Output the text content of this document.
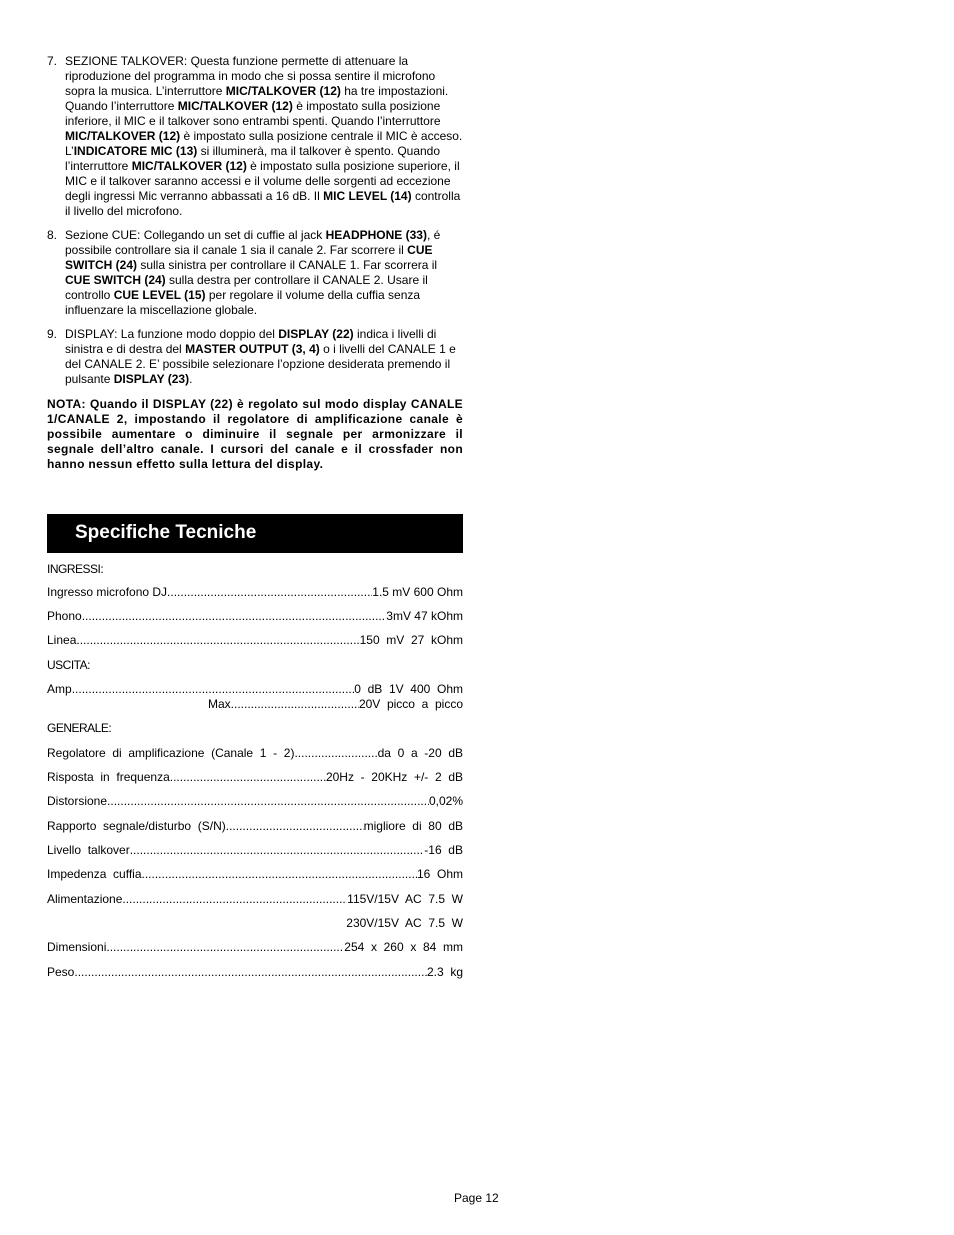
7. SEZIONE TALKOVER: Questa funzione permette di attenuare la riproduzione del programma in modo che si possa sentire il microfono sopra la musica. L’interruttore MIC/TALKOVER (12) ha tre impostazioni. Quando l’interruttore MIC/TALKOVER (12) è impostato sulla posizione inferiore, il MIC e il talkover sono entrambi spenti. Quando l’interruttore MIC/TALKOVER (12) è impostato sulla posizione centrale il MIC è acceso. L’INDICATORE MIC (13) si illuminerà, ma il talkover è spento. Quando l’interruttore MIC/TALKOVER (12) è impostato sulla posizione superiore, il MIC e il talkover saranno accessi e il volume delle sorgenti ad eccezione degli ingressi Mic verranno abbassati a 16 dB. Il MIC LEVEL (14) controlla il livello del microfono.
8. Sezione CUE: Collegando un set di cuffie al jack HEADPHONE (33), é possibile controllare sia il canale 1 sia il canale 2. Far scorrere il CUE SWITCH (24) sulla sinistra per controllare il CANALE 1. Far scorrera il CUE SWITCH (24) sulla destra per controllare il CANALE 2. Usare il controllo CUE LEVEL (15) per regolare il volume della cuffia senza influenzare la miscellazione globale.
9. DISPLAY: La funzione modo doppio del DISPLAY (22) indica i livelli di sinistra e di destra del MASTER OUTPUT (3, 4) o i livelli del CANALE 1 e del CANALE 2. E’ possibile selezionare l’opzione desiderata premendo il pulsante DISPLAY (23).
NOTA: Quando il DISPLAY (22) è regolato sul modo display CANALE 1/CANALE 2, impostando il regolatore di amplificazione canale è possibile aumentare o diminuire il segnale per armonizzare il segnale dell’altro canale. I cursori del canale e il crossfader non hanno nessun effetto sulla lettura del display.
Specifiche Tecniche
INGRESSI:
Ingresso microfono DJ .....	1.5 mV 600 Ohm
Phono .....	3mV 47 kOhm
Linea .....	150  mV  27  kOhm
USCITA:
Amp .....	0  dB  1V  400  Ohm
Max .....	20V  picco  a  picco
GENERALE:
Regolatore  di  amplificazione  (Canale  1  -  2) .....	da  0  a  -20  dB
Risposta  in  frequenza .....	20Hz  -  20KHz  +/-  2  dB
Distorsione .....	0,02%
Rapporto  segnale/disturbo  (S/N) .....	migliore  di  80  dB
Livello  talkover .....	-16  dB
Impedenza  cuffia .....	16  Ohm
Alimentazione .....	115V/15V  AC  7.5  W
230V/15V  AC  7.5  W
Dimensioni .....	254  x  260  x  84  mm
Peso .....	2.3  kg
Page 12
